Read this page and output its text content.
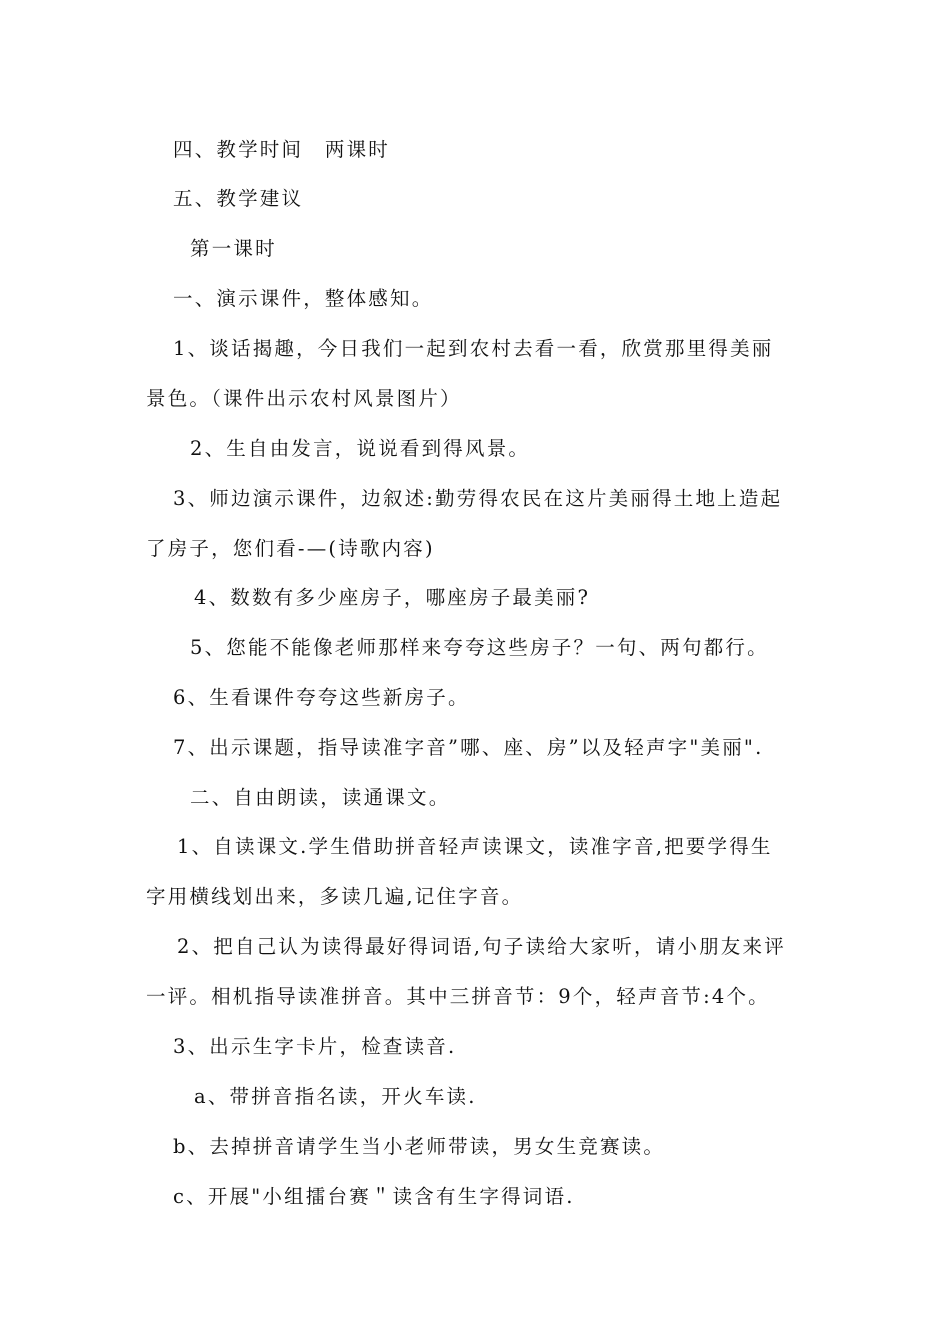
四、教学时间　两课时
五、教学建议
第一课时
一、演示课件，整体感知。
1、谈话揭趣，今日我们一起到农村去看一看，欣赏那里得美丽
景色。（课件出示农村风景图片）
2、生自由发言，说说看到得风景。
3、师边演示课件，边叙述:勤劳得农民在这片美丽得土地上造起
了房子，您们看-—(诗歌内容)
4、数数有多少座房子，哪座房子最美丽?
5、您能不能像老师那样来夸夸这些房子？一句、两句都行。
6、生看课件夸夸这些新房子。
7、出示课题，指导读准字音”哪、座、房”以及轻声字"美丽".
二、自由朗读，读通课文。
1、自读课文.学生借助拼音轻声读课文，读准字音,把要学得生
字用横线划出来，多读几遍,记住字音。
2、把自己认为读得最好得词语,句子读给大家听，请小朋友来评
一评。相机指导读准拼音。其中三拼音节：9个，轻声音节:4个。
3、出示生字卡片，检查读音.
a、带拼音指名读，开火车读.
b、去掉拼音请学生当小老师带读，男女生竞赛读。
c、开展"小组擂台赛＂读含有生字得词语.
